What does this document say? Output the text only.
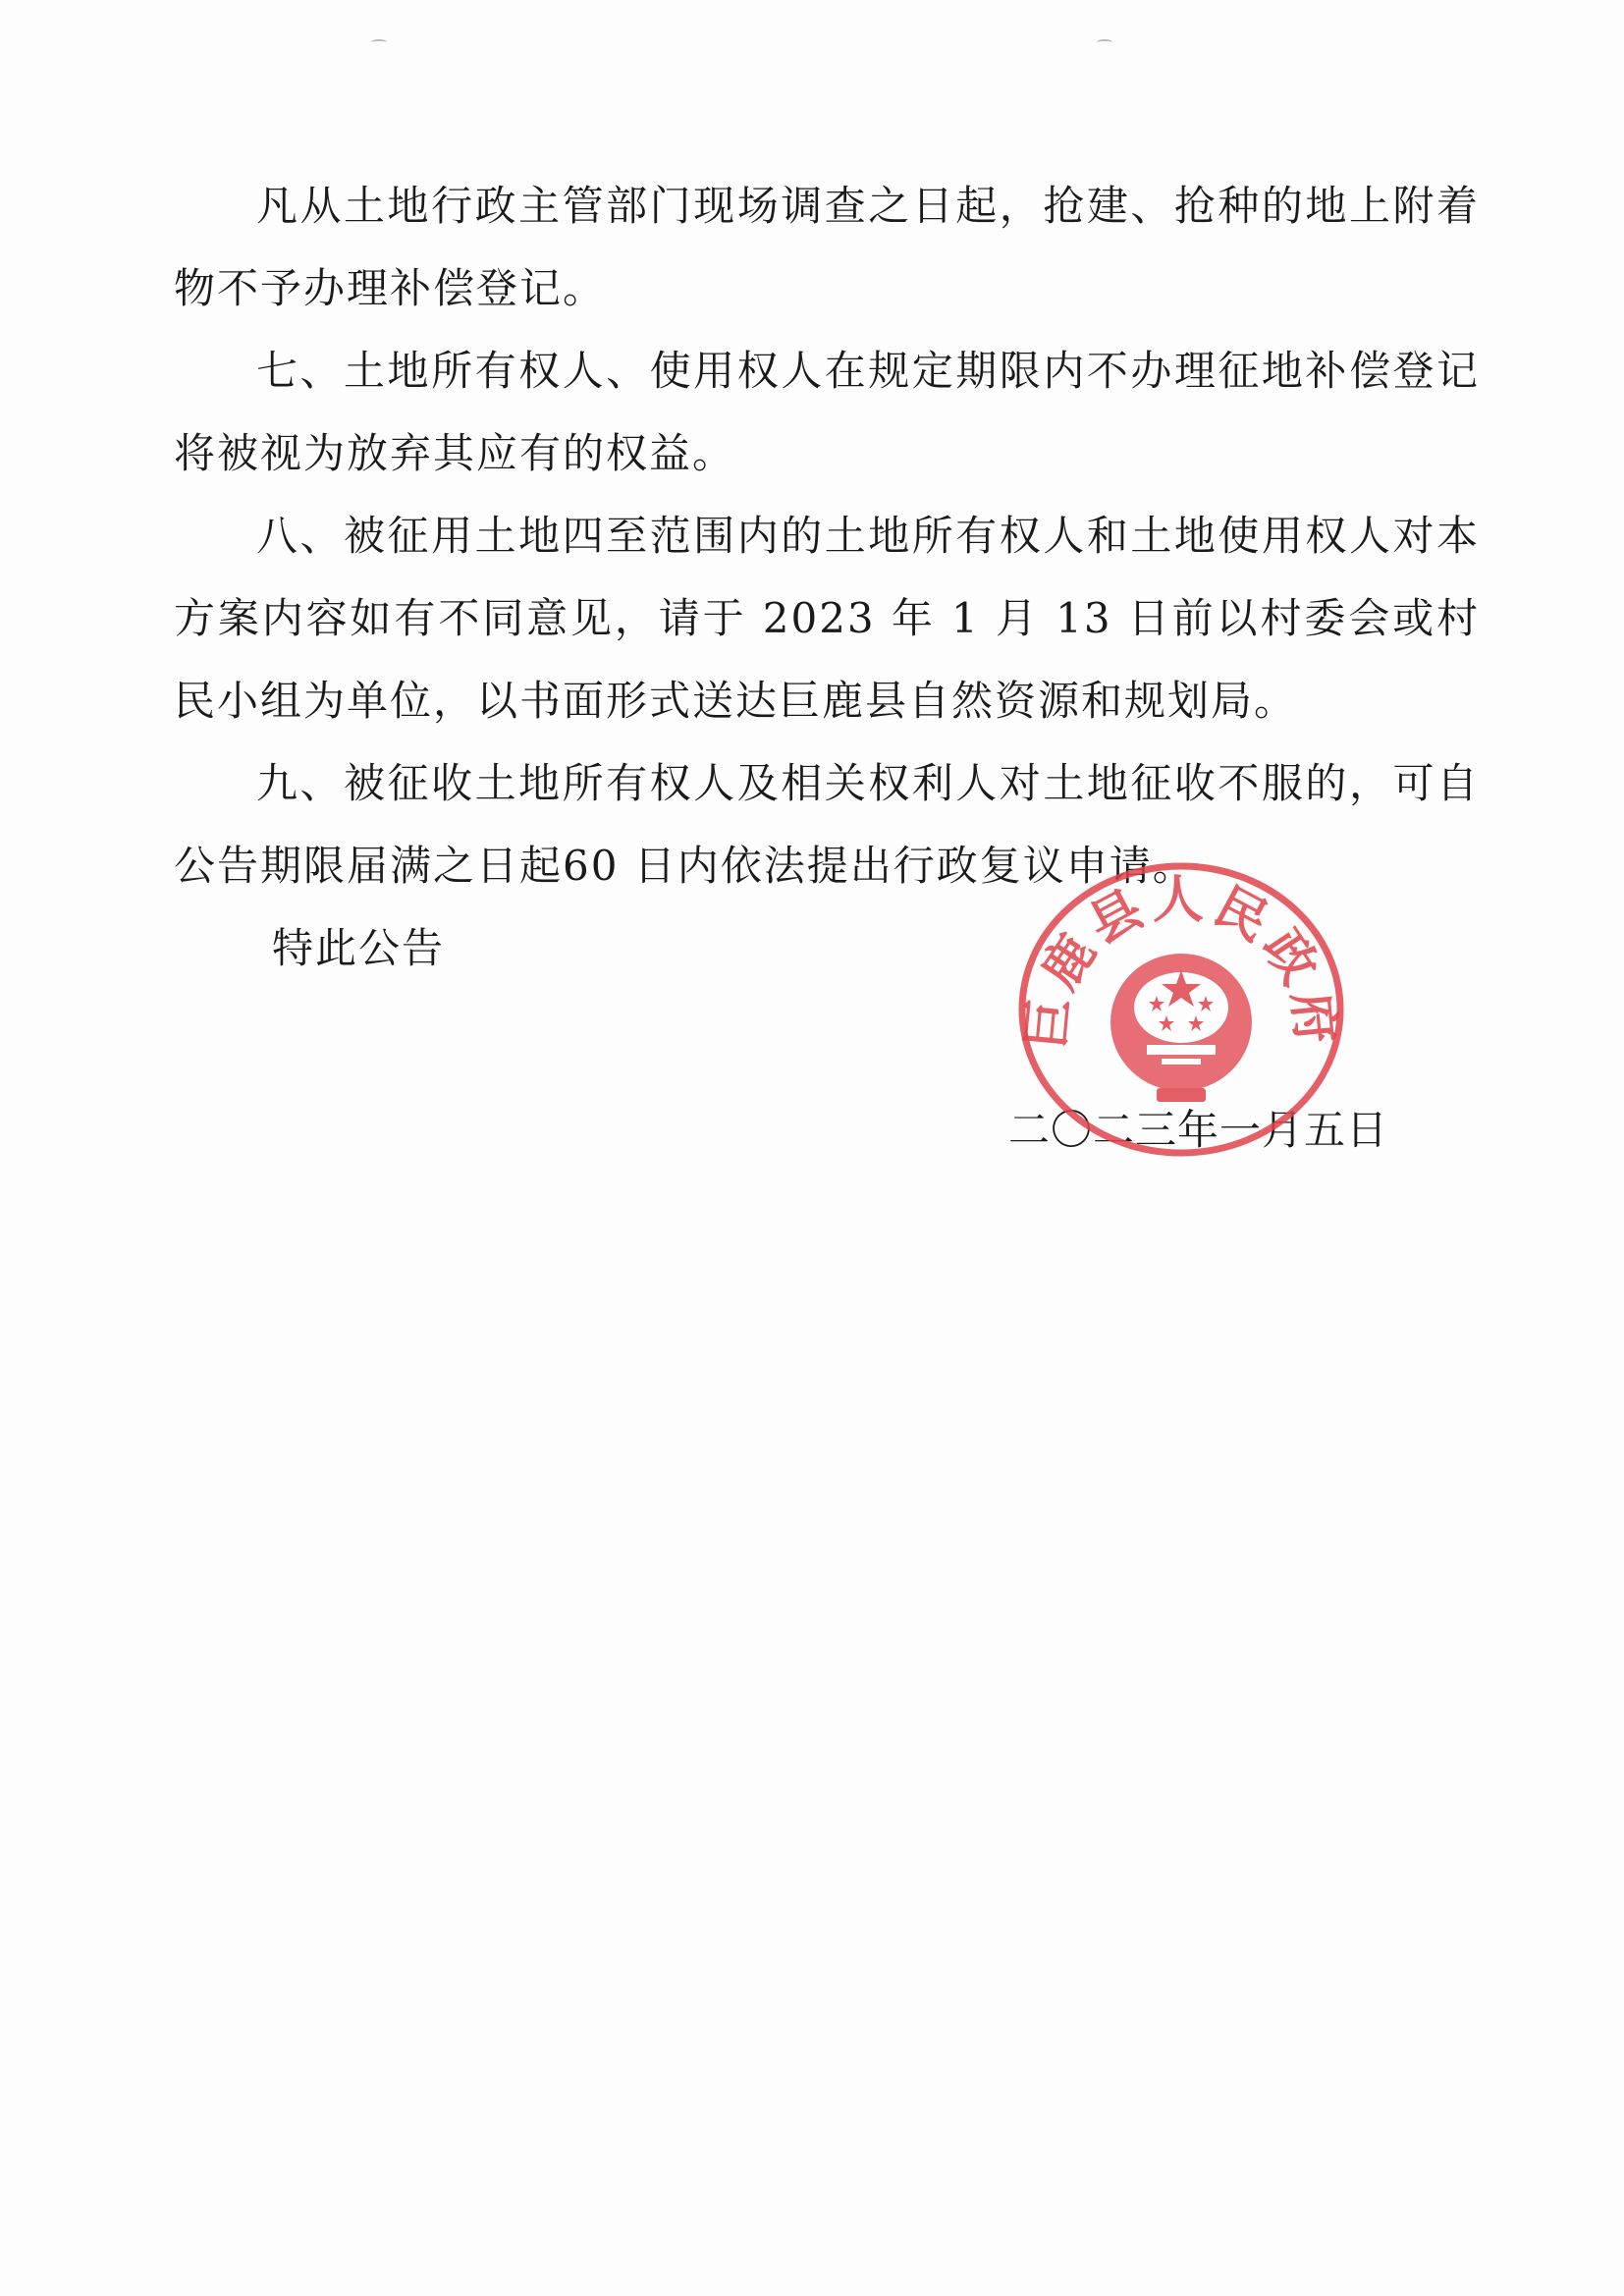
凡从土地行政主管部门现场调查之日起，抢建、抢种的地上附着物不予办理补偿登记。

七、土地所有权人、使用权人在规定期限内不办理征地补偿登记将被视为放弃其应有的权益。

八、被征用土地四至范围内的土地所有权人和土地使用权人对本方案内容如有不同意见，请于 2023 年 1 月 13 日前以村委会或村民小组为单位，以书面形式送达巨鹿县自然资源和规划局。

九、被征收土地所有权人及相关权利人对土地征收不服的，可自公告期限届满之日起60 日内依法提出行政复议申请。

特此公告

二〇二三年一月五日
巨鹿县人民政府
